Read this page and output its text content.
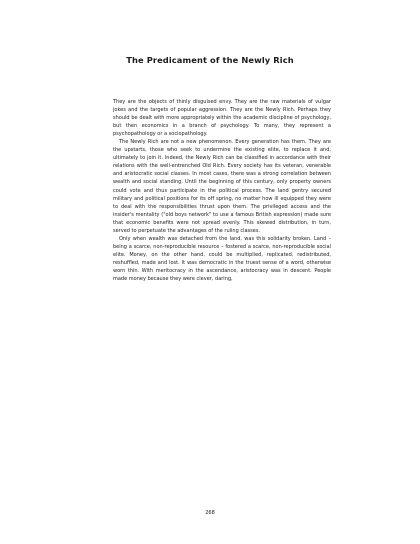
The Predicament of the Newly Rich

They are the objects of thinly disguised envy. They are the raw materials of vulgar jokes and the targets of popular aggression. They are the Newly Rich. Perhaps they should be dealt with more appropriately within the academic discipline of psychology, but then economics in a branch of psychology. To many, they represent a psychopathology or a sociopathology.

The Newly Rich are not a new phenomenon. Every generation has them. They are the upstarts, those who seek to undermine the existing elite, to replace it and, ultimately to join it. Indeed, the Newly Rich can be classified in accordance with their relations with the well-entrenched Old Rich. Every society has its veteran, venerable and aristocratic social classes. In most cases, there was a strong correlation between wealth and social standing. Until the beginning of this century, only property owners could vote and thus participate in the political process. The land gentry secured military and political positions for its off spring, no matter how ill equipped they were to deal with the responsibilities thrust upon them. The privileged access and the insider's mentality ("old boys network" to use a famous British expression) made sure that economic benefits were not spread evenly. This skewed distribution, in turn, served to perpetuate the advantages of the ruling classes.

Only when wealth was detached from the land, was this solidarity broken. Land – being a scarce, non-reproducible resource – fostered a scarce, non-reproducible social elite. Money, on the other hand, could be multiplied, replicated, redistributed, reshuffled, made and lost. It was democratic in the truest sense of a word, otherwise worn thin. With meritocracy in the ascendance, aristocracy was in descent. People made money because they were clever, daring,

268
